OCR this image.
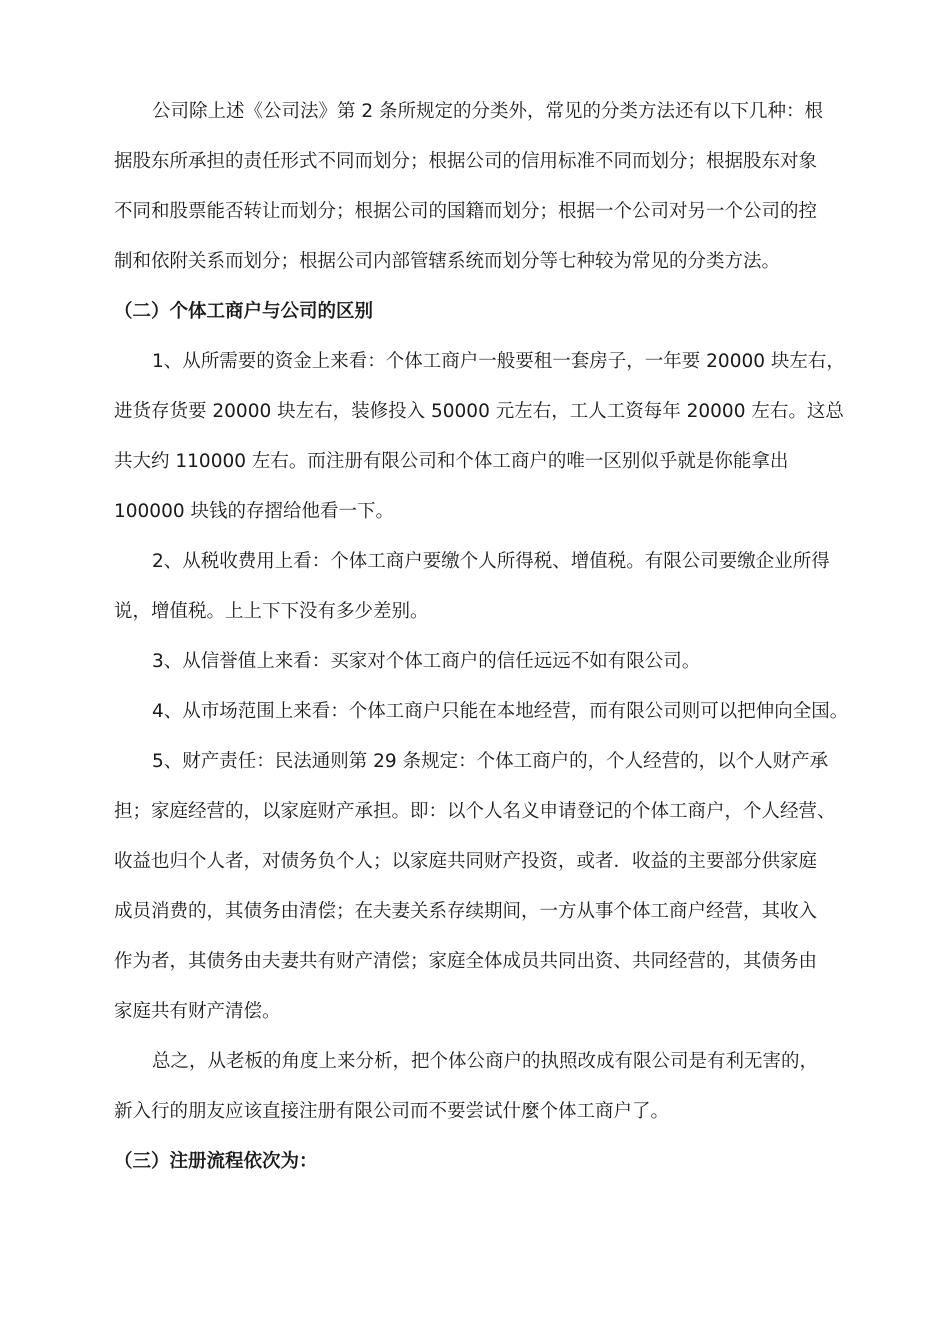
公司除上述《公司法》第 2 条所规定的分类外，常见的分类方法还有以下几种：根
据股东所承担的责任形式不同而划分；根据公司的信用标准不同而划分；根据股东对象
不同和股票能否转让而划分；根据公司的国籍而划分；根据一个公司对另一个公司的控
制和依附关系而划分；根据公司内部管辖系统而划分等七种较为常见的分类方法。
（二）个体工商户与公司的区别
1、从所需要的资金上来看：个体工商户一般要租一套房子，一年要 20000 块左右，
进货存货要 20000 块左右，装修投入 50000 元左右，工人工资每年 20000 左右。这总
共大约 110000 左右。而注册有限公司和个体工商户的唯一区别似乎就是你能拿出
100000 块钱的存摺给他看一下。
2、从税收费用上看：个体工商户要缴个人所得税、增值税。有限公司要缴企业所得
说，增值税。上上下下没有多少差别。
3、从信誉值上来看：买家对个体工商户的信任远远不如有限公司。
4、从市场范围上来看：个体工商户只能在本地经营，而有限公司则可以把伸向全国。
5、财产责任：民法通则第 29 条规定：个体工商户的，个人经营的，以个人财产承
担；家庭经营的，以家庭财产承担。即：以个人名义申请登记的个体工商户，个人经营、
收益也归个人者，对债务负个人；以家庭共同财产投资，或者．收益的主要部分供家庭
成员消费的，其债务由清偿；在夫妻关系存续期间，一方从事个体工商户经营，其收入
作为者，其债务由夫妻共有财产清偿；家庭全体成员共同出资、共同经营的，其债务由
家庭共有财产清偿。
总之，从老板的角度上来分析，把个体公商户的执照改成有限公司是有利无害的，
新入行的朋友应该直接注册有限公司而不要尝试什麼个体工商户了。
（三）注册流程依次为：
